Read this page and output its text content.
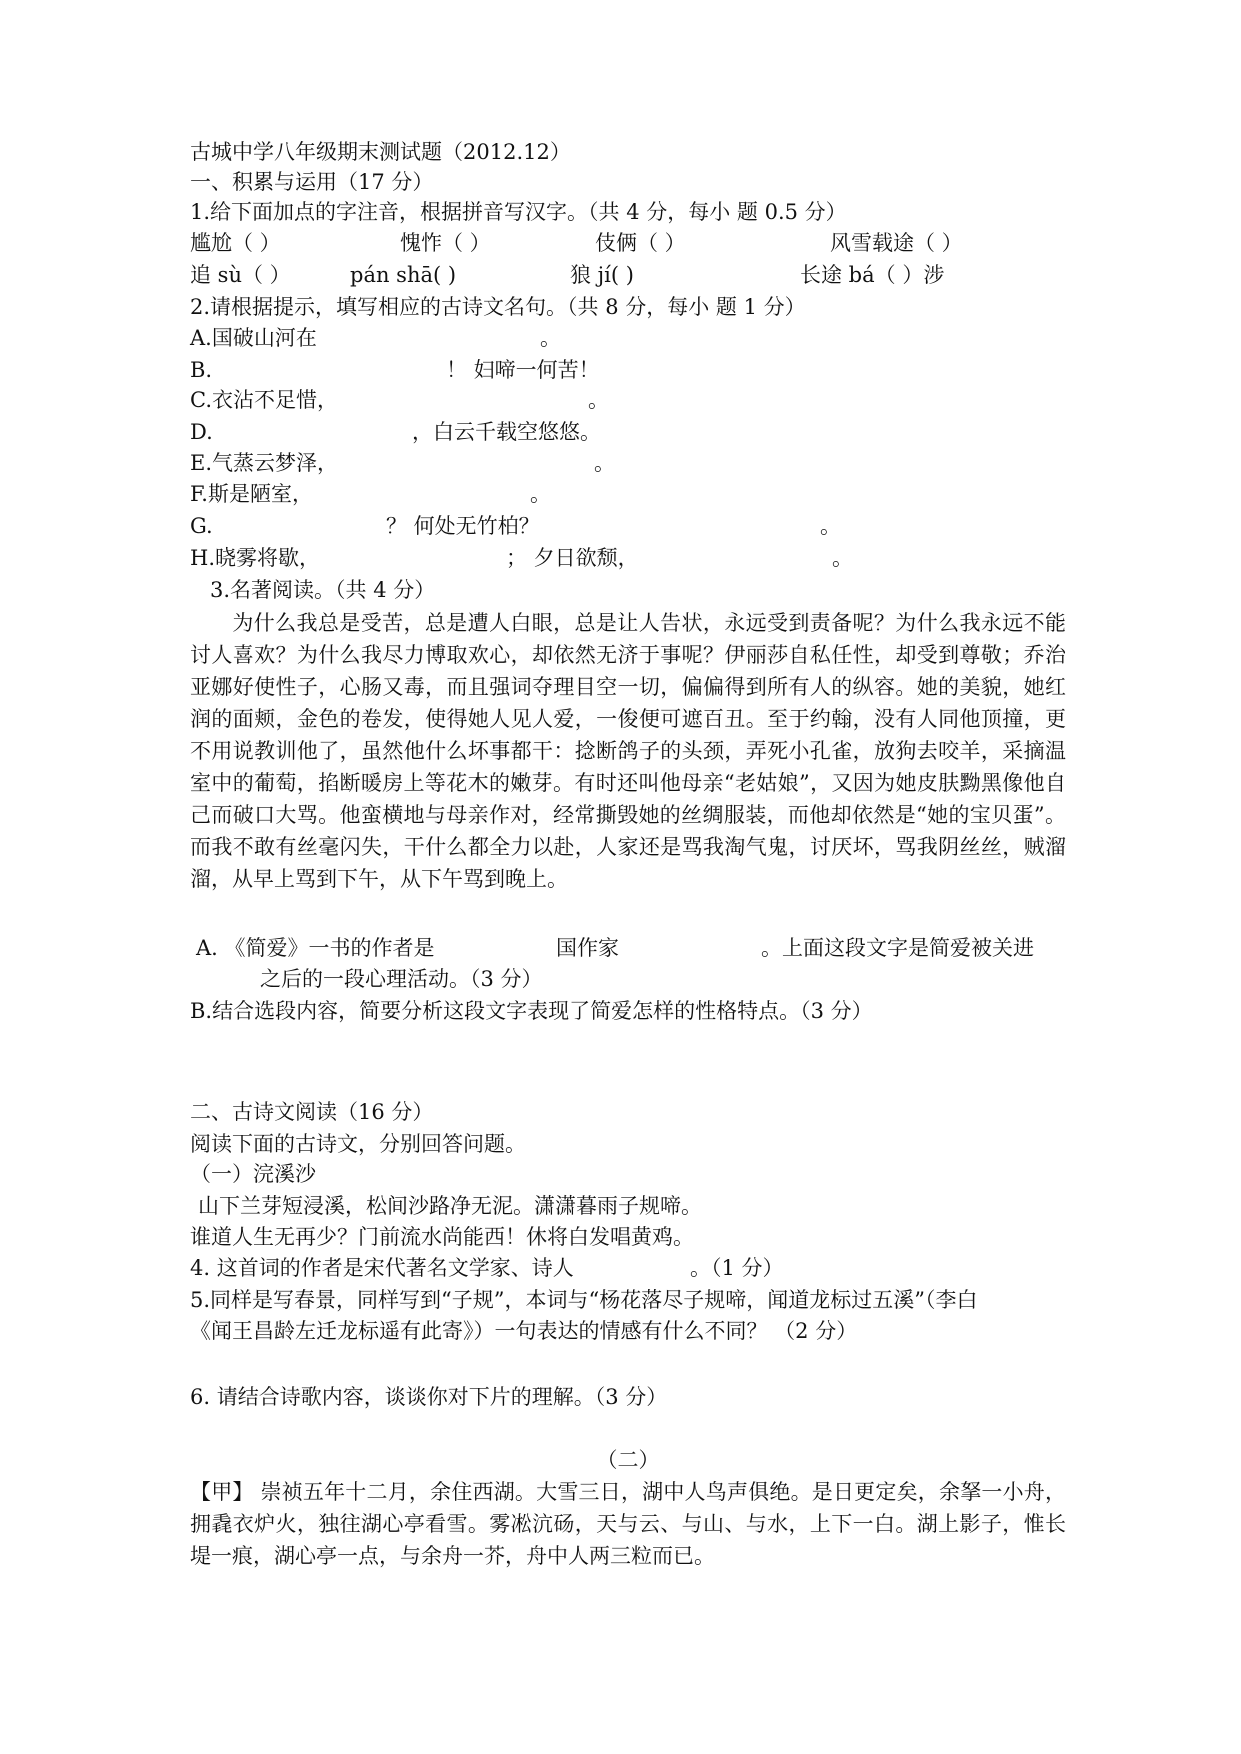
古城中学八年级期末测试题（2012.12）
一、积累与运用（17 分）
1.给下面加点的字注音，根据拼音写汉字。（共 4 分，每小 题 0.5 分）
尴尬（ ）	愧怍（ ）	伎俩（ ）	风雪载途（ ）
追 sù（ ）	pán shā( )	狼 jí( )	长途 bá（ ）涉
2.请根据提示，填写相应的古诗文名句。（共 8 分，每小 题 1 分）
A.国破山河在	。
B.	！ 妇啼一何苦！
C.衣沾不足惜，	。
D.	，白云千载空悠悠。
E.气蒸云梦泽，	。
F.斯是陋室，	。
G.	？ 何处无竹柏？	。
H.晓雾将歇，	； 夕日欲颓，	。
3.名著阅读。（共 4 分）
为什么我总是受苦，总是遭人白眼，总是让人告状，永远受到责备呢？为什么我永远不能讨人喜欢？为什么我尽力博取欢心，却依然无济于事呢？伊丽莎自私任性，却受到尊敬；乔治亚娜好使性子，心肠又毒，而且强词夺理目空一切，偏偏得到所有人的纵容。她的美貌，她红润的面颊，金色的卷发，使得她人见人爱，一俊便可遮百丑。至于约翰，没有人同他顶撞，更不用说教训他了，虽然他什么坏事都干：捻断鸽子的头颈，弄死小孔雀，放狗去咬羊，采摘温室中的葡萄，掐断暖房上等花木的嫩芽。有时还叫他母亲“老姑娘”，又因为她皮肤黝黑像他自己而破口大骂。他蛮横地与母亲作对，经常撕毁她的丝绸服装，而他却依然是“她的宝贝蛋”。而我不敢有丝毫闪失，干什么都全力以赴，人家还是骂我淘气鬼，讨厌坏，骂我阴丝丝，贼溜溜，从早上骂到下午，从下午骂到晚上。
A. 《简爱》一书的作者是	国作家	。上面这段文字是简爱被关进
之后的一段心理活动。（3 分）
B.结合选段内容，简要分析这段文字表现了简爱怎样的性格特点。（3 分）
二、古诗文阅读（16 分）
阅读下面的古诗文，分别回答问题。
（一）浣溪沙
山下兰芽短浸溪，松间沙路净无泥。潇潇暮雨子规啼。
谁道人生无再少？门前流水尚能西！休将白发唱黄鸡。
4. 这首词的作者是宋代著名文学家、诗人	。（1 分）
5.同样是写春景，同样写到“子规”，本词与“杨花落尽子规啼，闻道龙标过五溪”（李白
《闻王昌龄左迁龙标遥有此寄》）一句表达的情感有什么不同？ （2 分）
6. 请结合诗歌内容，谈谈你对下片的理解。（3 分）
（二）
【甲】 崇祯五年十二月，余住西湖。大雪三日，湖中人鸟声俱绝。是日更定矣，余拏一小舟，拥毳衣炉火，独往湖心亭看雪。雾凇沆砀，天与云、与山、与水，上下一白。湖上影子，惟长堤一痕，湖心亭一点，与余舟一芥，舟中人两三粒而已。
